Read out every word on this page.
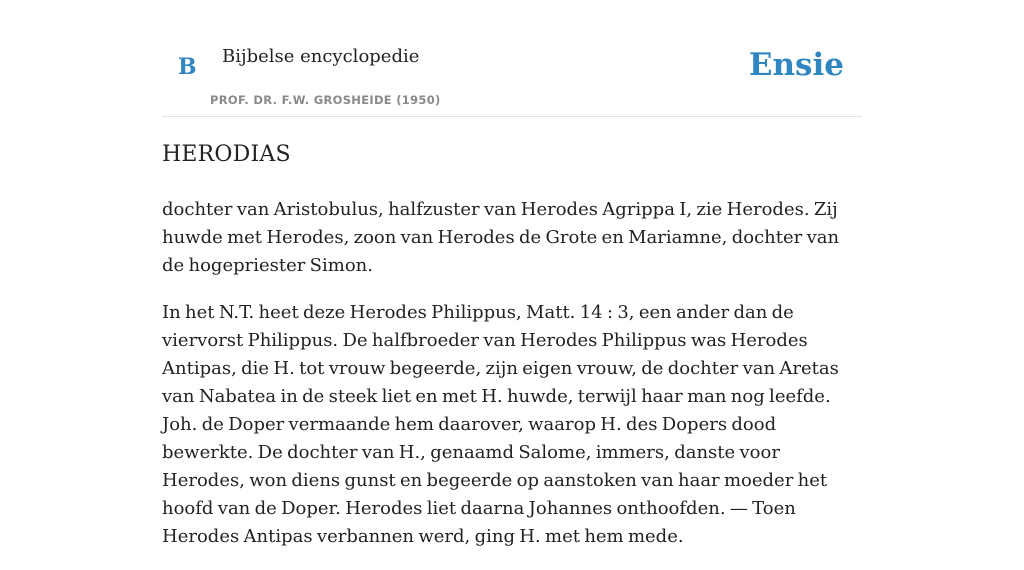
B Bijbelse encyclopedie
PROF. DR. F.W. GROSHEIDE (1950)
Ensie
HERODIAS

dochter van Aristobulus, halfzuster van Herodes Agrippa I, zie Herodes. Zij huwde met Herodes, zoon van Herodes de Grote en Mariamne, dochter van de hogepriester Simon.

In het N.T. heet deze Herodes Philippus, Matt. 14 : 3, een ander dan de viervorst Philippus. De halfbroeder van Herodes Philippus was Herodes Antipas, die H. tot vrouw begeerde, zijn eigen vrouw, de dochter van Aretas van Nabatea in de steek liet en met H. huwde, terwijl haar man nog leefde. Joh. de Doper vermaande hem daarover, waarop H. des Dopers dood bewerkte. De dochter van H., genaamd Salome, immers, danste voor Herodes, won diens gunst en begeerde op aanstoken van haar moeder het hoofd van de Doper. Herodes liet daarna Johannes onthoofden. — Toen Herodes Antipas verbannen werd, ging H. met hem mede.
